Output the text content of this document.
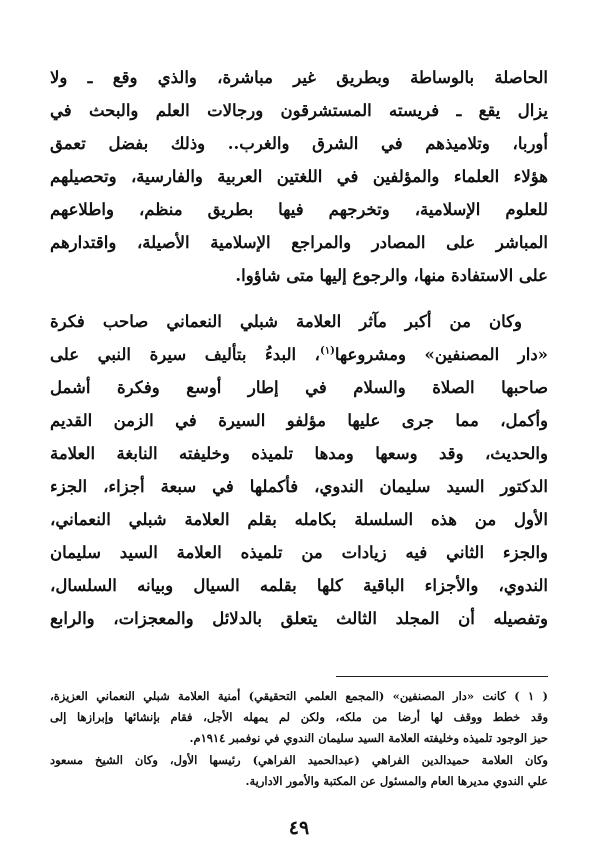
الحاصلة بالوساطة وبطريق غير مباشرة، والذي وقع ـ ولا
يزال يقع ـ فريسته المستشرقون ورجالات العلم والبحث في
أوربا، وتلاميذهم في الشرق والغرب.. وذلك بفضل تعمق
هؤلاء العلماء والمؤلفين في اللغتين العربية والفارسية، وتحصيلهم
للعلوم الإسلامية، وتخرجهم فيها بطريق منظم، واطلاعهم
المباشر على المصادر والمراجع الإسلامية الأصيلة، واقتدارهم
على الاستفادة منها، والرجوع إليها متى شاؤوا.
وكان من أكبر مآثر العلامة شبلي النعماني صاحب فكرة
«دار المصنفين» ومشروعها$^{(١)}$، البدءُ بتأليف سيرة النبي على
صاحبها الصلاة والسلام في إطار أوسع وفكرة أشمل
وأكمل، مما جرى عليها مؤلفو السيرة في الزمن القديم
والحديث، وقد وسعها ومدها تلميذه وخليفته النابغة العلامة
الدكتور السيد سليمان الندوي، فأكملها في سبعة أجزاء، الجزء
الأول من هذه السلسلة بكامله بقلم العلامة شبلي النعماني،
والجزء الثاني فيه زيادات من تلميذه العلامة السيد سليمان
الندوي، والأجزاء الباقية كلها بقلمه السيال وبيانه السلسال،
وتفصيله أن المجلد الثالث يتعلق بالدلائل والمعجزات، والرابع
( ١ ) كانت «دار المصنفين» (المجمع العلمي التحقيقي) أمنية العلامة شبلي النعماني العزيزة،
وقد خطط ووقف لها أرضا من ملكه، ولكن لم يمهله الأجل، فقام بإنشائها وإبرازها إلى
حيز الوجود تلميذه وخليفته العلامة السيد سليمان الندوي في نوفمبر ١٩١٤م.
وكان العلامة حميدالدين الفراهي (عبدالحميد الفراهي) رئيسها الأول، وكان الشيخ مسعود
علي الندوي مديرها العام والمسئول عن المكتبة والأمور الادارية.
٤٩
